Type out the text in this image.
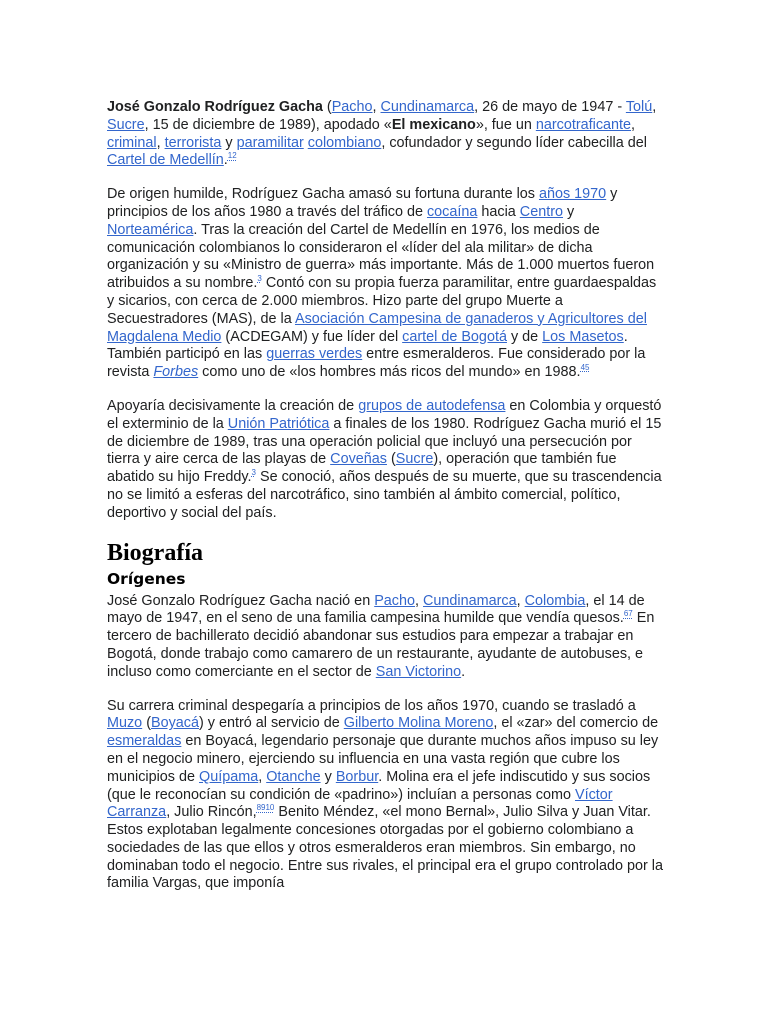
José Gonzalo Rodríguez Gacha (Pacho, Cundinamarca, 26 de mayo de 1947 - Tolú, Sucre, 15 de diciembre de 1989), apodado «El mexicano», fue un narcotraficante, criminal, terrorista y paramilitar colombiano, cofundador y segundo líder cabecilla del Cartel de Medellín.$^{12}$

De origen humilde, Rodríguez Gacha amasó su fortuna durante los años 1970 y principios de los años 1980 a través del tráfico de cocaína hacia Centro y Norteamérica. Tras la creación del Cartel de Medellín en 1976, los medios de comunicación colombianos lo consideraron el «líder del ala militar» de dicha organización y su «Ministro de guerra» más importante. Más de 1.000 muertos fueron atribuidos a su nombre.$^3$ Contó con su propia fuerza paramilitar, entre guardaespaldas y sicarios, con cerca de 2.000 miembros. Hizo parte del grupo Muerte a Secuestradores (MAS), de la Asociación Campesina de ganaderos y Agricultores del Magdalena Medio (ACDEGAM) y fue líder del cartel de Bogotá y de Los Masetos. También participó en las guerras verdes entre esmeralderos. Fue considerado por la revista Forbes como uno de «los hombres más ricos del mundo» en 1988.45

Apoyaría decisivamente la creación de grupos de autodefensa en Colombia y orquestó el exterminio de la Unión Patriótica a finales de los 1980. Rodríguez Gacha murió el 15 de diciembre de 1989, tras una operación policial que incluyó una persecución por tierra y aire cerca de las playas de Coveñas (Sucre), operación que también fue abatido su hijo Freddy.$^3$ Se conoció, años después de su muerte, que su trascendencia no se limitó a esferas del narcotráfico, sino también al ámbito comercial, político, deportivo y social del país.

Biografía
Orígenes

José Gonzalo Rodríguez Gacha nació en Pacho, Cundinamarca, Colombia, el 14 de mayo de 1947, en el seno de una familia campesina humilde que vendía quesos.$^{67}$ En tercero de bachillerato decidió abandonar sus estudios para empezar a trabajar en Bogotá, donde trabajo como camarero de un restaurante, ayudante de autobuses, e incluso como comerciante en el sector de San Victorino.

Su carrera criminal despegaría a principios de los años 1970, cuando se trasladó a Muzo (Boyacá) y entró al servicio de Gilberto Molina Moreno, el «zar» del comercio de esmeraldas en Boyacá, legendario personaje que durante muchos años impuso su ley en el negocio minero, ejerciendo su influencia en una vasta región que cubre los municipios de Quípama, Otanche y Borbur. Molina era el jefe indiscutido y sus socios (que le reconocían su condición de «padrino») incluían a personas como Víctor Carranza, Julio Rincón,$^{8910}$ Benito Méndez, «el mono Bernal», Julio Silva y Juan Vitar. Estos explotaban legalmente concesiones otorgadas por el gobierno colombiano a sociedades de las que ellos y otros esmeralderos eran miembros. Sin embargo, no dominaban todo el negocio. Entre sus rivales, el principal era el grupo controlado por la familia Vargas, que imponía
